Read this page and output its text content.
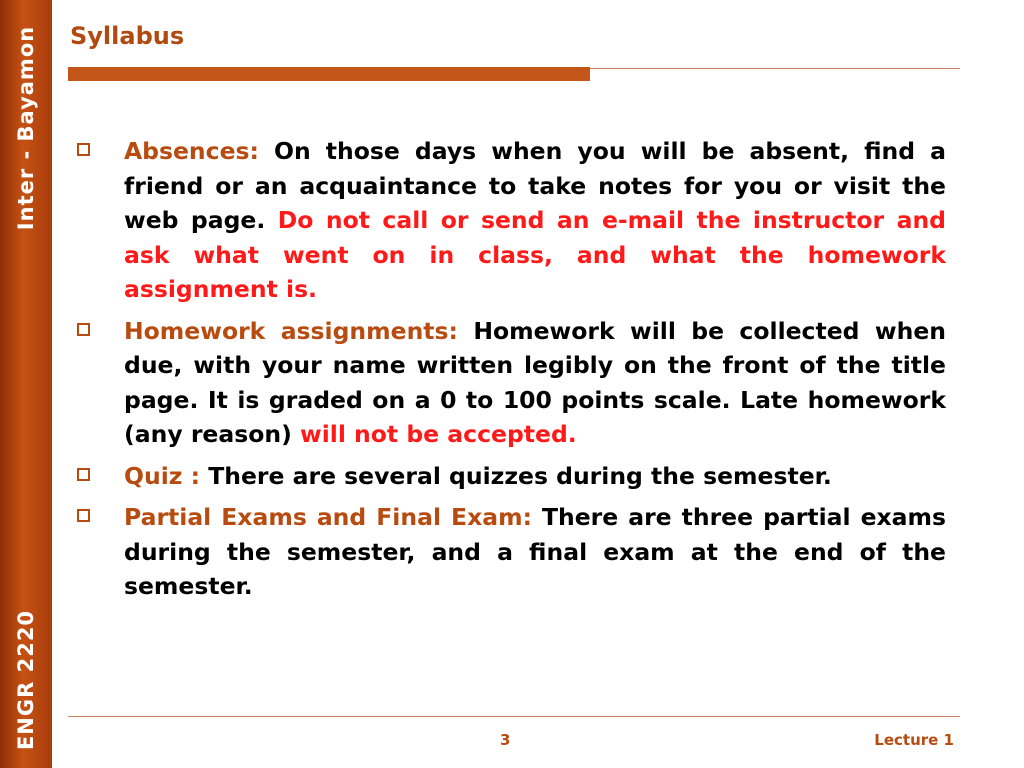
Inter - Bayamon
ENGR 2220
Syllabus
Absences: On those days when you will be absent, find a friend or an acquaintance to take notes for you or visit the web page. Do not call or send an e-mail the instructor and ask what went on in class, and what the homework assignment is.
Homework assignments: Homework will be collected when due, with your name written legibly on the front of the title page. It is graded on a 0 to 100 points scale. Late homework (any reason) will not be accepted.
Quiz : There are several quizzes during the semester.
Partial Exams and Final Exam: There are three partial exams during the semester, and a final exam at the end of the semester.
3	Lecture 1
